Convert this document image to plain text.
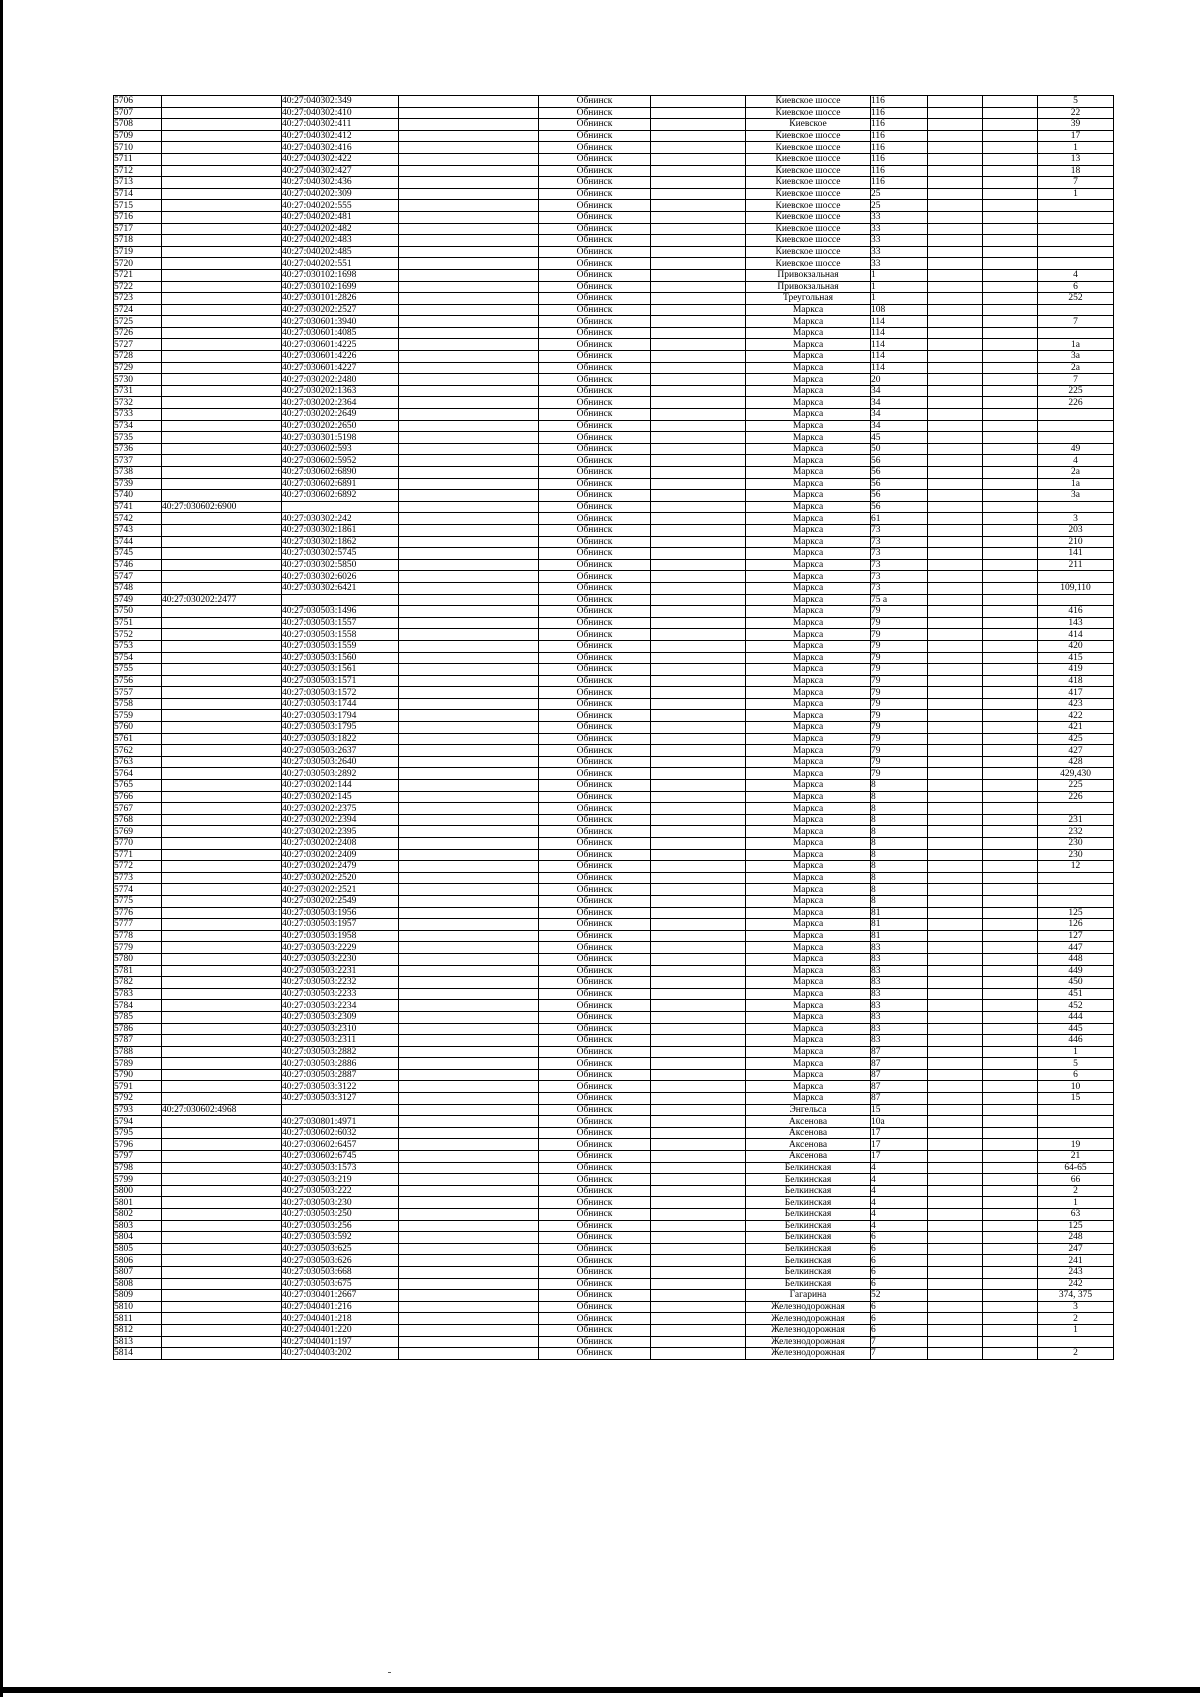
5706		40:27:040302:349		Обнинск		Киевское шоссе	116			5
5707		40:27:040302:410		Обнинск		Киевское шоссе	116			22
5708		40:27:040302:411		Обнинск		Киевское	116			39
5709		40:27:040302:412		Обнинск		Киевское шоссе	116			17
5710		40:27:040302:416		Обнинск		Киевское шоссе	116			1
5711		40:27:040302:422		Обнинск		Киевское шоссе	116			13
5712		40:27:040302:427		Обнинск		Киевское шоссе	116			18
5713		40:27:040302:436		Обнинск		Киевское шоссе	116			7
5714		40:27:040202:309		Обнинск		Киевское шоссе	25			1
5715		40:27:040202:555		Обнинск		Киевское шоссе	25			
5716		40:27:040202:481		Обнинск		Киевское шоссе	33			
5717		40:27:040202:482		Обнинск		Киевское шоссе	33			
5718		40:27:040202:483		Обнинск		Киевское шоссе	33			
5719		40:27:040202:485		Обнинск		Киевское шоссе	33			
5720		40:27:040202:551		Обнинск		Киевское шоссе	33			
5721		40:27:030102:1698		Обнинск		Привокзальная	1			4
5722		40:27:030102:1699		Обнинск		Привокзальная	1			6
5723		40:27:030101:2826		Обнинск		Треугольная	1			252
5724		40:27:030202:2527		Обнинск		Маркса	108			
5725		40:27:030601:3940		Обнинск		Маркса	114			7
5726		40:27:030601:4085		Обнинск		Маркса	114			
5727		40:27:030601:4225		Обнинск		Маркса	114			1а
5728		40:27:030601:4226		Обнинск		Маркса	114			3а
5729		40:27:030601:4227		Обнинск		Маркса	114			2а
5730		40:27:030202:2480		Обнинск		Маркса	20			7
5731		40:27:030202:1363		Обнинск		Маркса	34			225
5732		40:27:030202:2364		Обнинск		Маркса	34			226
5733		40:27:030202:2649		Обнинск		Маркса	34			
5734		40:27:030202:2650		Обнинск		Маркса	34			
5735		40:27:030301:5198		Обнинск		Маркса	45			
5736		40:27:030602:593		Обнинск		Маркса	50			49
5737		40:27:030602:5952		Обнинск		Маркса	56			4
5738		40:27:030602:6890		Обнинск		Маркса	56			2а
5739		40:27:030602:6891		Обнинск		Маркса	56			1а
5740		40:27:030602:6892		Обнинск		Маркса	56			3а
5741	40:27:030602:6900			Обнинск		Маркса	56			
5742		40:27:030302:242		Обнинск		Маркса	61			3
5743		40:27:030302:1861		Обнинск		Маркса	73			203
5744		40:27:030302:1862		Обнинск		Маркса	73			210
5745		40:27:030302:5745		Обнинск		Маркса	73			141
5746		40:27:030302:5850		Обнинск		Маркса	73			211
5747		40:27:030302:6026		Обнинск		Маркса	73			
5748		40:27:030302:6421		Обнинск		Маркса	73			109,110
5749	40:27:030202:2477			Обнинск		Маркса	75 а			
5750		40:27:030503:1496		Обнинск		Маркса	79			416
5751		40:27:030503:1557		Обнинск		Маркса	79			143
5752		40:27:030503:1558		Обнинск		Маркса	79			414
5753		40:27:030503:1559		Обнинск		Маркса	79			420
5754		40:27:030503:1560		Обнинск		Маркса	79			415
5755		40:27:030503:1561		Обнинск		Маркса	79			419
5756		40:27:030503:1571		Обнинск		Маркса	79			418
5757		40:27:030503:1572		Обнинск		Маркса	79			417
5758		40:27:030503:1744		Обнинск		Маркса	79			423
5759		40:27:030503:1794		Обнинск		Маркса	79			422
5760		40:27:030503:1795		Обнинск		Маркса	79			421
5761		40:27:030503:1822		Обнинск		Маркса	79			425
5762		40:27:030503:2637		Обнинск		Маркса	79			427
5763		40:27:030503:2640		Обнинск		Маркса	79			428
5764		40:27:030503:2892		Обнинск		Маркса	79			429,430
5765		40:27:030202:144		Обнинск		Маркса	8			225
5766		40:27:030202:145		Обнинск		Маркса	8			226
5767		40:27:030202:2375		Обнинск		Маркса	8			
5768		40:27:030202:2394		Обнинск		Маркса	8			231
5769		40:27:030202:2395		Обнинск		Маркса	8			232
5770		40:27:030202:2408		Обнинск		Маркса	8			230
5771		40:27:030202:2409		Обнинск		Маркса	8			230
5772		40:27:030202:2479		Обнинск		Маркса	8			12
5773		40:27:030202:2520		Обнинск		Маркса	8			
5774		40:27:030202:2521		Обнинск		Маркса	8			
5775		40:27:030202:2549		Обнинск		Маркса	8			
5776		40:27:030503:1956		Обнинск		Маркса	81			125
5777		40:27:030503:1957		Обнинск		Маркса	81			126
5778		40:27:030503:1958		Обнинск		Маркса	81			127
5779		40:27:030503:2229		Обнинск		Маркса	83			447
5780		40:27:030503:2230		Обнинск		Маркса	83			448
5781		40:27:030503:2231		Обнинск		Маркса	83			449
5782		40:27:030503:2232		Обнинск		Маркса	83			450
5783		40:27:030503:2233		Обнинск		Маркса	83			451
5784		40:27:030503:2234		Обнинск		Маркса	83			452
5785		40:27:030503:2309		Обнинск		Маркса	83			444
5786		40:27:030503:2310		Обнинск		Маркса	83			445
5787		40:27:030503:2311		Обнинск		Маркса	83			446
5788		40:27:030503:2882		Обнинск		Маркса	87			1
5789		40:27:030503:2886		Обнинск		Маркса	87			5
5790		40:27:030503:2887		Обнинск		Маркса	87			6
5791		40:27:030503:3122		Обнинск		Маркса	87			10
5792		40:27:030503:3127		Обнинск		Маркса	87			15
5793	40:27:030602:4968			Обнинск		Энгельса	15			
5794		40:27:030801:4971		Обнинск		Аксенова	10а			
5795		40:27:030602:6032		Обнинск		Аксенова	17			
5796		40:27:030602:6457		Обнинск		Аксенова	17			19
5797		40:27:030602:6745		Обнинск		Аксенова	17			21
5798		40:27:030503:1573		Обнинск		Белкинская	4			64-65
5799		40:27:030503:219		Обнинск		Белкинская	4			66
5800		40:27:030503:222		Обнинск		Белкинская	4			2
5801		40:27:030503:230		Обнинск		Белкинская	4			1
5802		40:27:030503:250		Обнинск		Белкинская	4			63
5803		40:27:030503:256		Обнинск		Белкинская	4			125
5804		40:27:030503:592		Обнинск		Белкинская	6			248
5805		40:27:030503:625		Обнинск		Белкинская	6			247
5806		40:27:030503:626		Обнинск		Белкинская	6			241
5807		40:27:030503:668		Обнинск		Белкинская	6			243
5808		40:27:030503:675		Обнинск		Белкинская	6			242
5809		40:27:030401:2667		Обнинск		Гагарина	52			374, 375
5810		40:27:040401:216		Обнинск		Железнодорожная	6			3
5811		40:27:040401:218		Обнинск		Железнодорожная	6			2
5812		40:27:040401:220		Обнинск		Железнодорожная	6			1
5813		40:27:040401:197		Обнинск		Железнодорожная	7			
5814		40:27:040403:202		Обнинск		Железнодорожная	7			2
